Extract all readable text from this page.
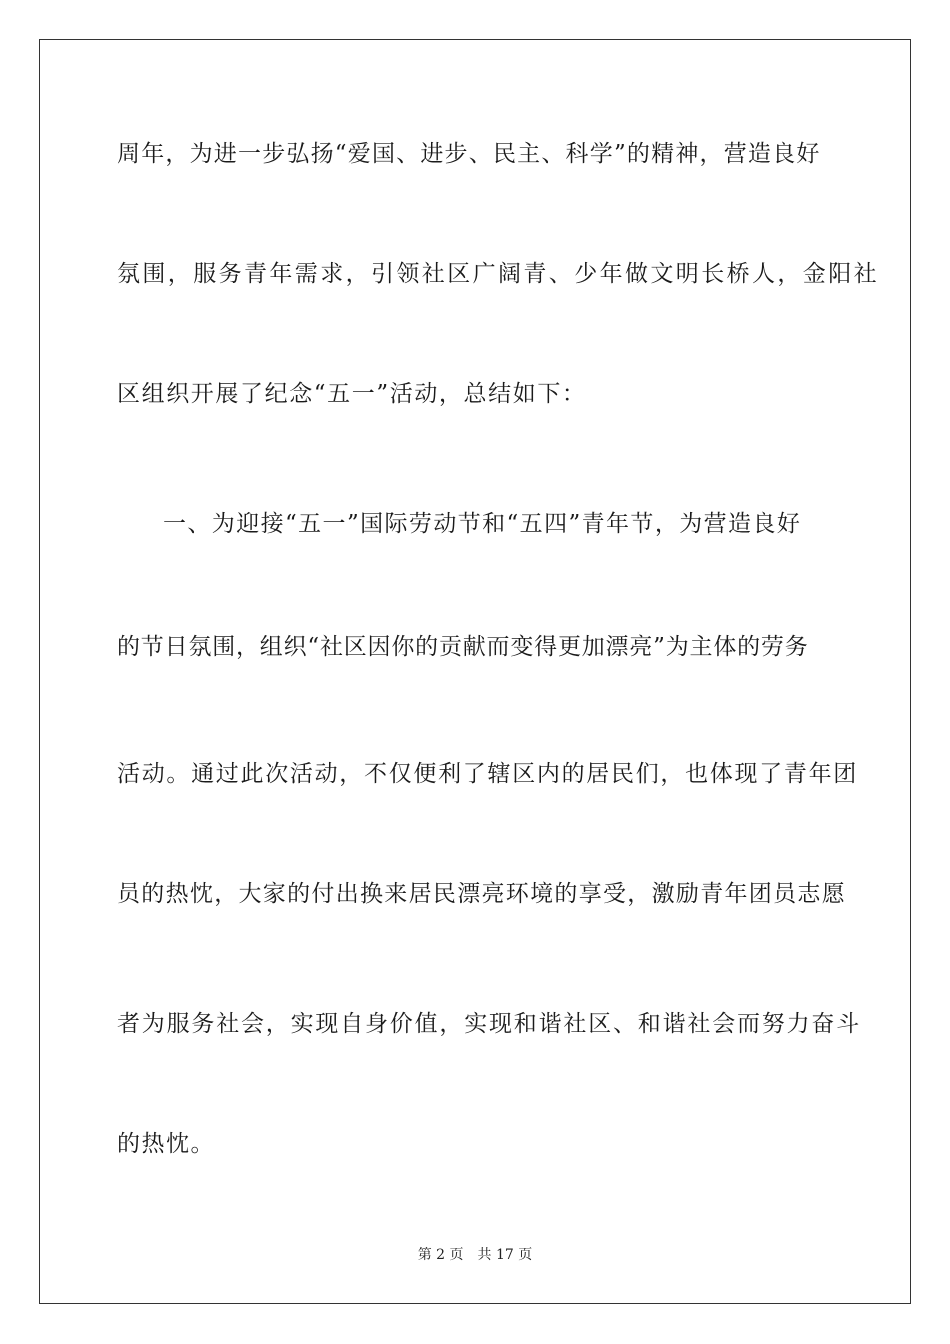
周年，为进一步弘扬“爱国、进步、民主、科学”的精神，营造良好
氛围，服务青年需求，引领社区广阔青、少年做文明长桥人，金阳社
区组织开展了纪念“五一”活动，总结如下：
一、为迎接“五一”国际劳动节和“五四”青年节，为营造良好
的节日氛围，组织“社区因你的贡献而变得更加漂亮”为主体的劳务
活动。通过此次活动，不仅便利了辖区内的居民们，也体现了青年团
员的热忱，大家的付出换来居民漂亮环境的享受，激励青年团员志愿
者为服务社会，实现自身价值，实现和谐社区、和谐社会而努力奋斗
的热忱。
第 2 页 共 17 页
